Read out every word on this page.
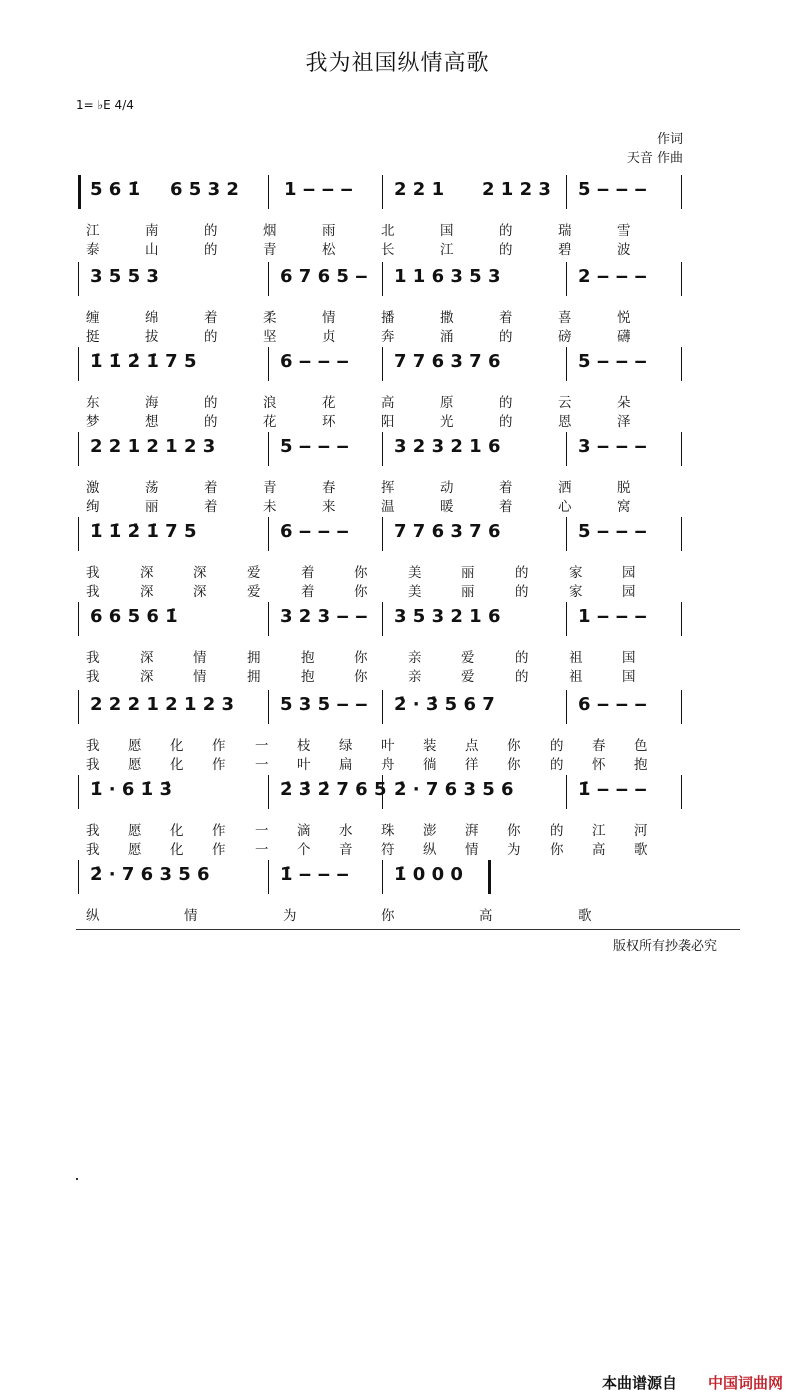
我为祖国纵情高歌
1= ♭E 4/4
作词
天音 作曲
5 6 1̇ 6 5 3 2	1 ‒ ‒ ‒ 2 2 1 2 1 2 3 5 ‒ ‒ ‒
江	南	的	烟	雨	北	国	的	瑞	雪
泰	山	的	青	松	长	江	的	碧	波
3 5 5 3	6 7 6 5 ‒ 1 1 6 3 5 3	2 ‒ ‒ ‒
缠	绵	着	柔	情	播	撒	着	喜	悦
挺	拔	的	坚	贞	奔	涌	的	磅	礴
1̇ 1̇ 2̇ 1̇ 7 5	6 ‒ ‒ ‒	7 7 6 3 7 6	5 ‒ ‒ ‒
东	海	的	浪	花	高	原	的	云	朵
梦	想	的	花	环	阳	光	的	恩	泽
2 2 1 2 1 2 3	5 ‒ ‒ ‒	3 2 3 2 1 6	3 ‒ ‒ ‒
激	荡	着	青	春	挥	动	着	洒	脱
绚	丽	着	未	来	温	暖	着	心	窝
1̇ 1̇ 2̇ 1̇ 7 5	6 ‒ ‒ ‒	7 7 6 3 7 6	5 ‒ ‒ ‒
我	深	深	爱	着	你	美	丽	的	家	园
我	深	深	爱	着	你	美	丽	的	家	园
6 6 5 6 1̇	3 2 3 ‒ ‒ 3 5 3 2 1 6	1 ‒ ‒ ‒
我	深	情	拥	抱	你	亲	爱	的	祖	国
我	深	情	拥	抱	你	亲	爱	的	祖	国
2 2 2 1 2 1 2 3	5 3 5 ‒ ‒ 2̇ · 3̇ 5 6 7	6 ‒ ‒ ‒
我 愿 化 作 一 枝 绿 叶 装 点 你 的 春 色
我 愿 化 作 一 叶 扁 舟 徜 徉 你 的 怀 抱
1̇ · 6 1̇ 3̇	2̇ 3̇ 2̇ 7 6 5 2̇ · 7 6 3 5 6	1̇ ‒ ‒ ‒
我 愿 化 作 一 滴 水 珠 澎 湃 你 的 江 河
我 愿 化 作 一 个 音 符 纵 情 为 你 高 歌
2̇ · 7 6 3 5 6	1̇ ‒ ‒ ‒	1̇ 0 0 0
纵	情	为	你	高	歌
版权所有抄袭必究
本曲谱源自 中国词曲网
